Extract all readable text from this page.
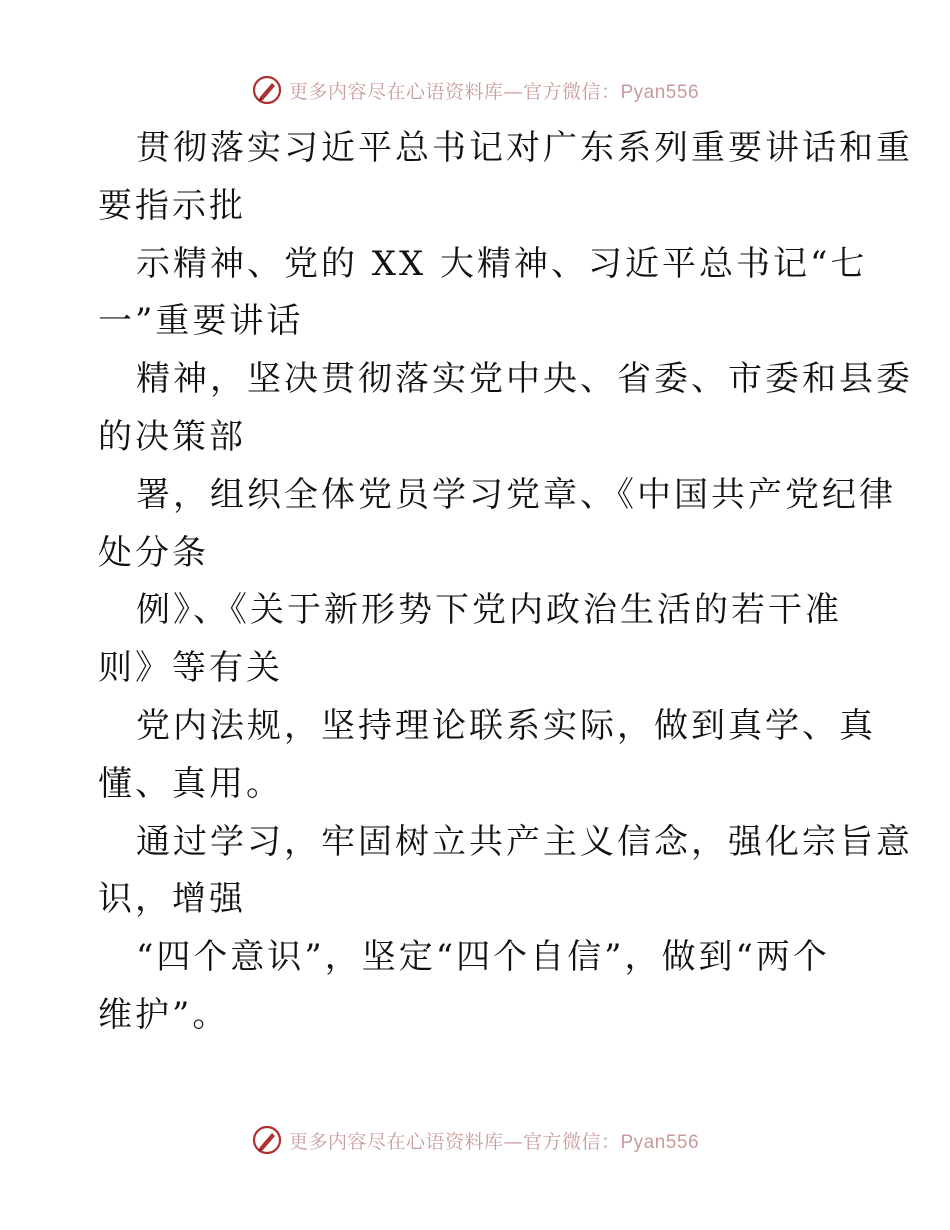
更多内容尽在心语资料库—官方微信：Pyan556
贯彻落实习近平总书记对广东系列重要讲话和重
要指示批
示精神、党的 XX 大精神、习近平总书记“七
一”重要讲话
精神，坚决贯彻落实党中央、省委、市委和县委
的决策部
署，组织全体党员学习党章、《中国共产党纪律
处分条
例》、《关于新形势下党内政治生活的若干准
则》等有关
党内法规，坚持理论联系实际，做到真学、真
懂、真用。
通过学习，牢固树立共产主义信念，强化宗旨意
识，增强
“四个意识”，坚定“四个自信”，做到“两个
维护”。
更多内容尽在心语资料库—官方微信：Pyan556
